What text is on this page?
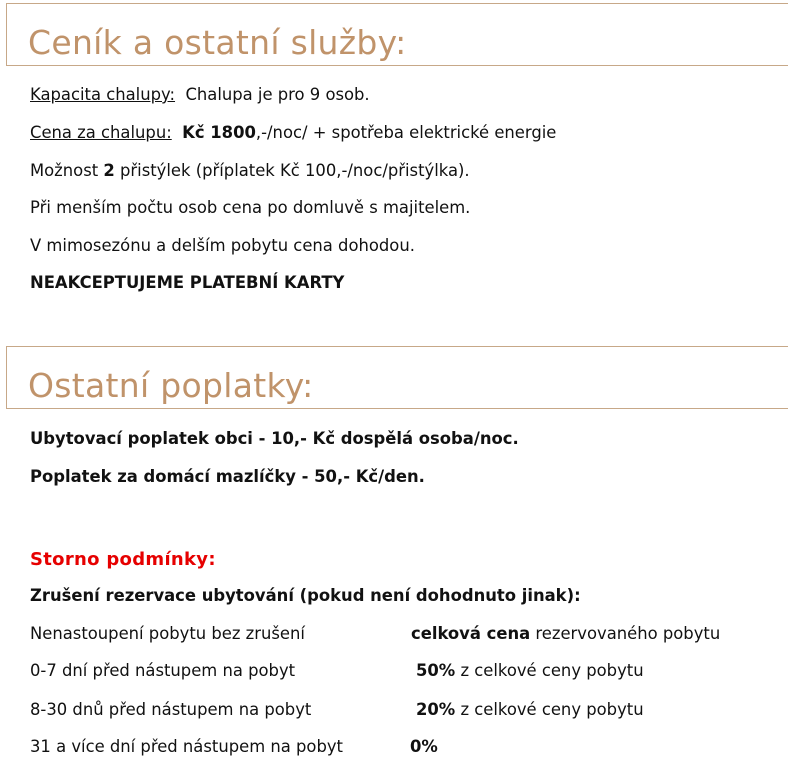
Ceník a ostatní služby:
Kapacita chalupy: Chalupa je pro 9 osob.
Cena za chalupu: Kč 1800,-/noc/ + spotřeba elektrické energie
Možnost 2 přistýlek (příplatek Kč 100,-/noc/přistýlka).
Při menším počtu osob cena po domluvě s majitelem.
V mimosezónu a delším pobytu cena dohodou.
NEAKCEPTUJEME PLATEBNÍ KARTY
Ostatní poplatky:
Ubytovací poplatek obci - 10,- Kč dospělá osoba/noc.
Poplatek za domácí mazlíčky - 50,- Kč/den.
Storno podmínky:
Zrušení rezervace ubytování (pokud není dohodnuto jinak):
Nenastoupení pobytu bez zrušení	celková cena rezervovaného pobytu
0-7 dní před nástupem na pobyt	50% z celkové ceny pobytu
8-30 dnů před nástupem na pobyt	20% z celkové ceny pobytu
31 a více dní před nástupem na pobyt	0%
